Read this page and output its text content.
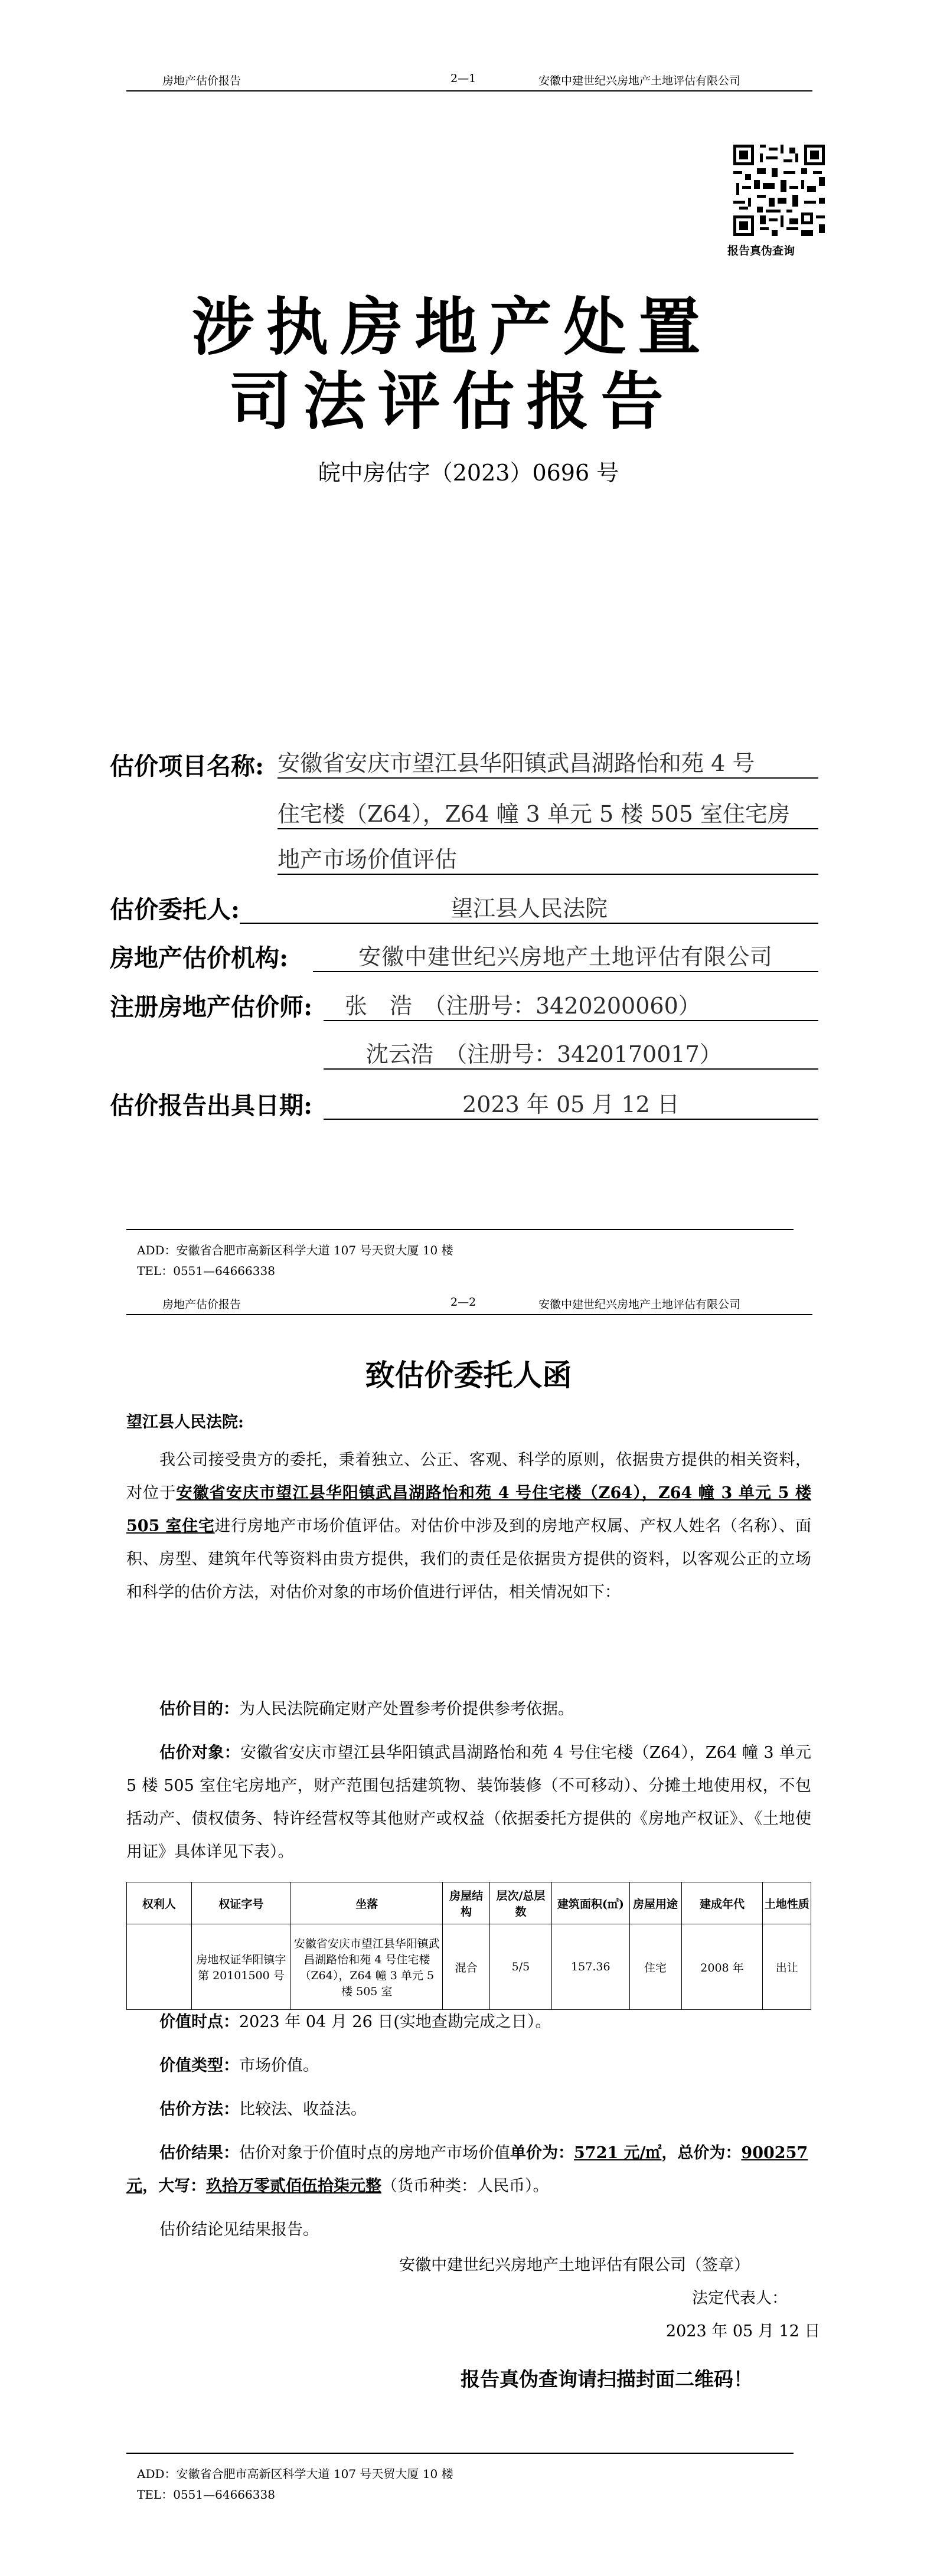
房地产估价报告	2—1	安徽中建世纪兴房地产土地评估有限公司
报告真伪查询
涉执房地产处置
司法评估报告
皖中房估字（2023）0696 号
估价项目名称: 安徽省安庆市望江县华阳镇武昌湖路怡和苑 4 号
住宅楼（Z64），Z64 幢 3 单元 5 楼 505 室住宅房
地产市场价值评估
估价委托人:	望江县人民法院
房地产估价机构:	安徽中建世纪兴房地产土地评估有限公司
注册房地产估价师:	张　浩　（注册号：3420200060）
沈云浩　（注册号：3420170017）
估价报告出具日期:	2023 年 05 月 12 日
ADD：安徽省合肥市高新区科学大道 107 号天贸大厦 10 楼
TEL：0551—64666338
房地产估价报告	2—2	安徽中建世纪兴房地产土地评估有限公司
致估价委托人函
望江县人民法院:
我公司接受贵方的委托，秉着独立、公正、客观、科学的原则，依据贵方提供的相关资料，对位于安徽省安庆市望江县华阳镇武昌湖路怡和苑 4 号住宅楼（Z64），Z64 幢 3 单元 5 楼 505 室住宅进行房地产市场价值评估。对估价中涉及到的房地产权属、产权人姓名（名称）、面积、房型、建筑年代等资料由贵方提供，我们的责任是依据贵方提供的资料，以客观公正的立场和科学的估价方法，对估价对象的市场价值进行评估，相关情况如下：
估价目的：为人民法院确定财产处置参考价提供参考依据。
估价对象：安徽省安庆市望江县华阳镇武昌湖路怡和苑 4 号住宅楼（Z64），Z64 幢 3 单元 5 楼 505 室住宅房地产，财产范围包括建筑物、装饰装修（不可移动）、分摊土地使用权，不包括动产、债权债务、特许经营权等其他财产或权益（依据委托方提供的《房地产权证》、《土地使用证》具体详见下表）。
权利人	权证字号	坐落	房屋结构	层次/总层数	建筑面积(㎡)	房屋用途	建成年代	土地性质
	房地权证华阳镇字第 20101500 号	安徽省安庆市望江县华阳镇武昌湖路怡和苑 4 号住宅楼（Z64），Z64 幢 3 单元 5 楼 505 室	混合	5/5	157.36	住宅	2008 年	出让
价值时点：2023 年 04 月 26 日(实地查勘完成之日）。
价值类型：市场价值。
估价方法：比较法、收益法。
估价结果：估价对象于价值时点的房地产市场价值单价为：5721 元/㎡，总价为：900257 元，大写：玖拾万零贰佰伍拾柒元整（货币种类：人民币）。
估价结论见结果报告。
安徽中建世纪兴房地产土地评估有限公司（签章）
法定代表人：
2023 年 05 月 12 日
报告真伪查询请扫描封面二维码！
ADD：安徽省合肥市高新区科学大道 107 号天贸大厦 10 楼
TEL：0551—64666338
